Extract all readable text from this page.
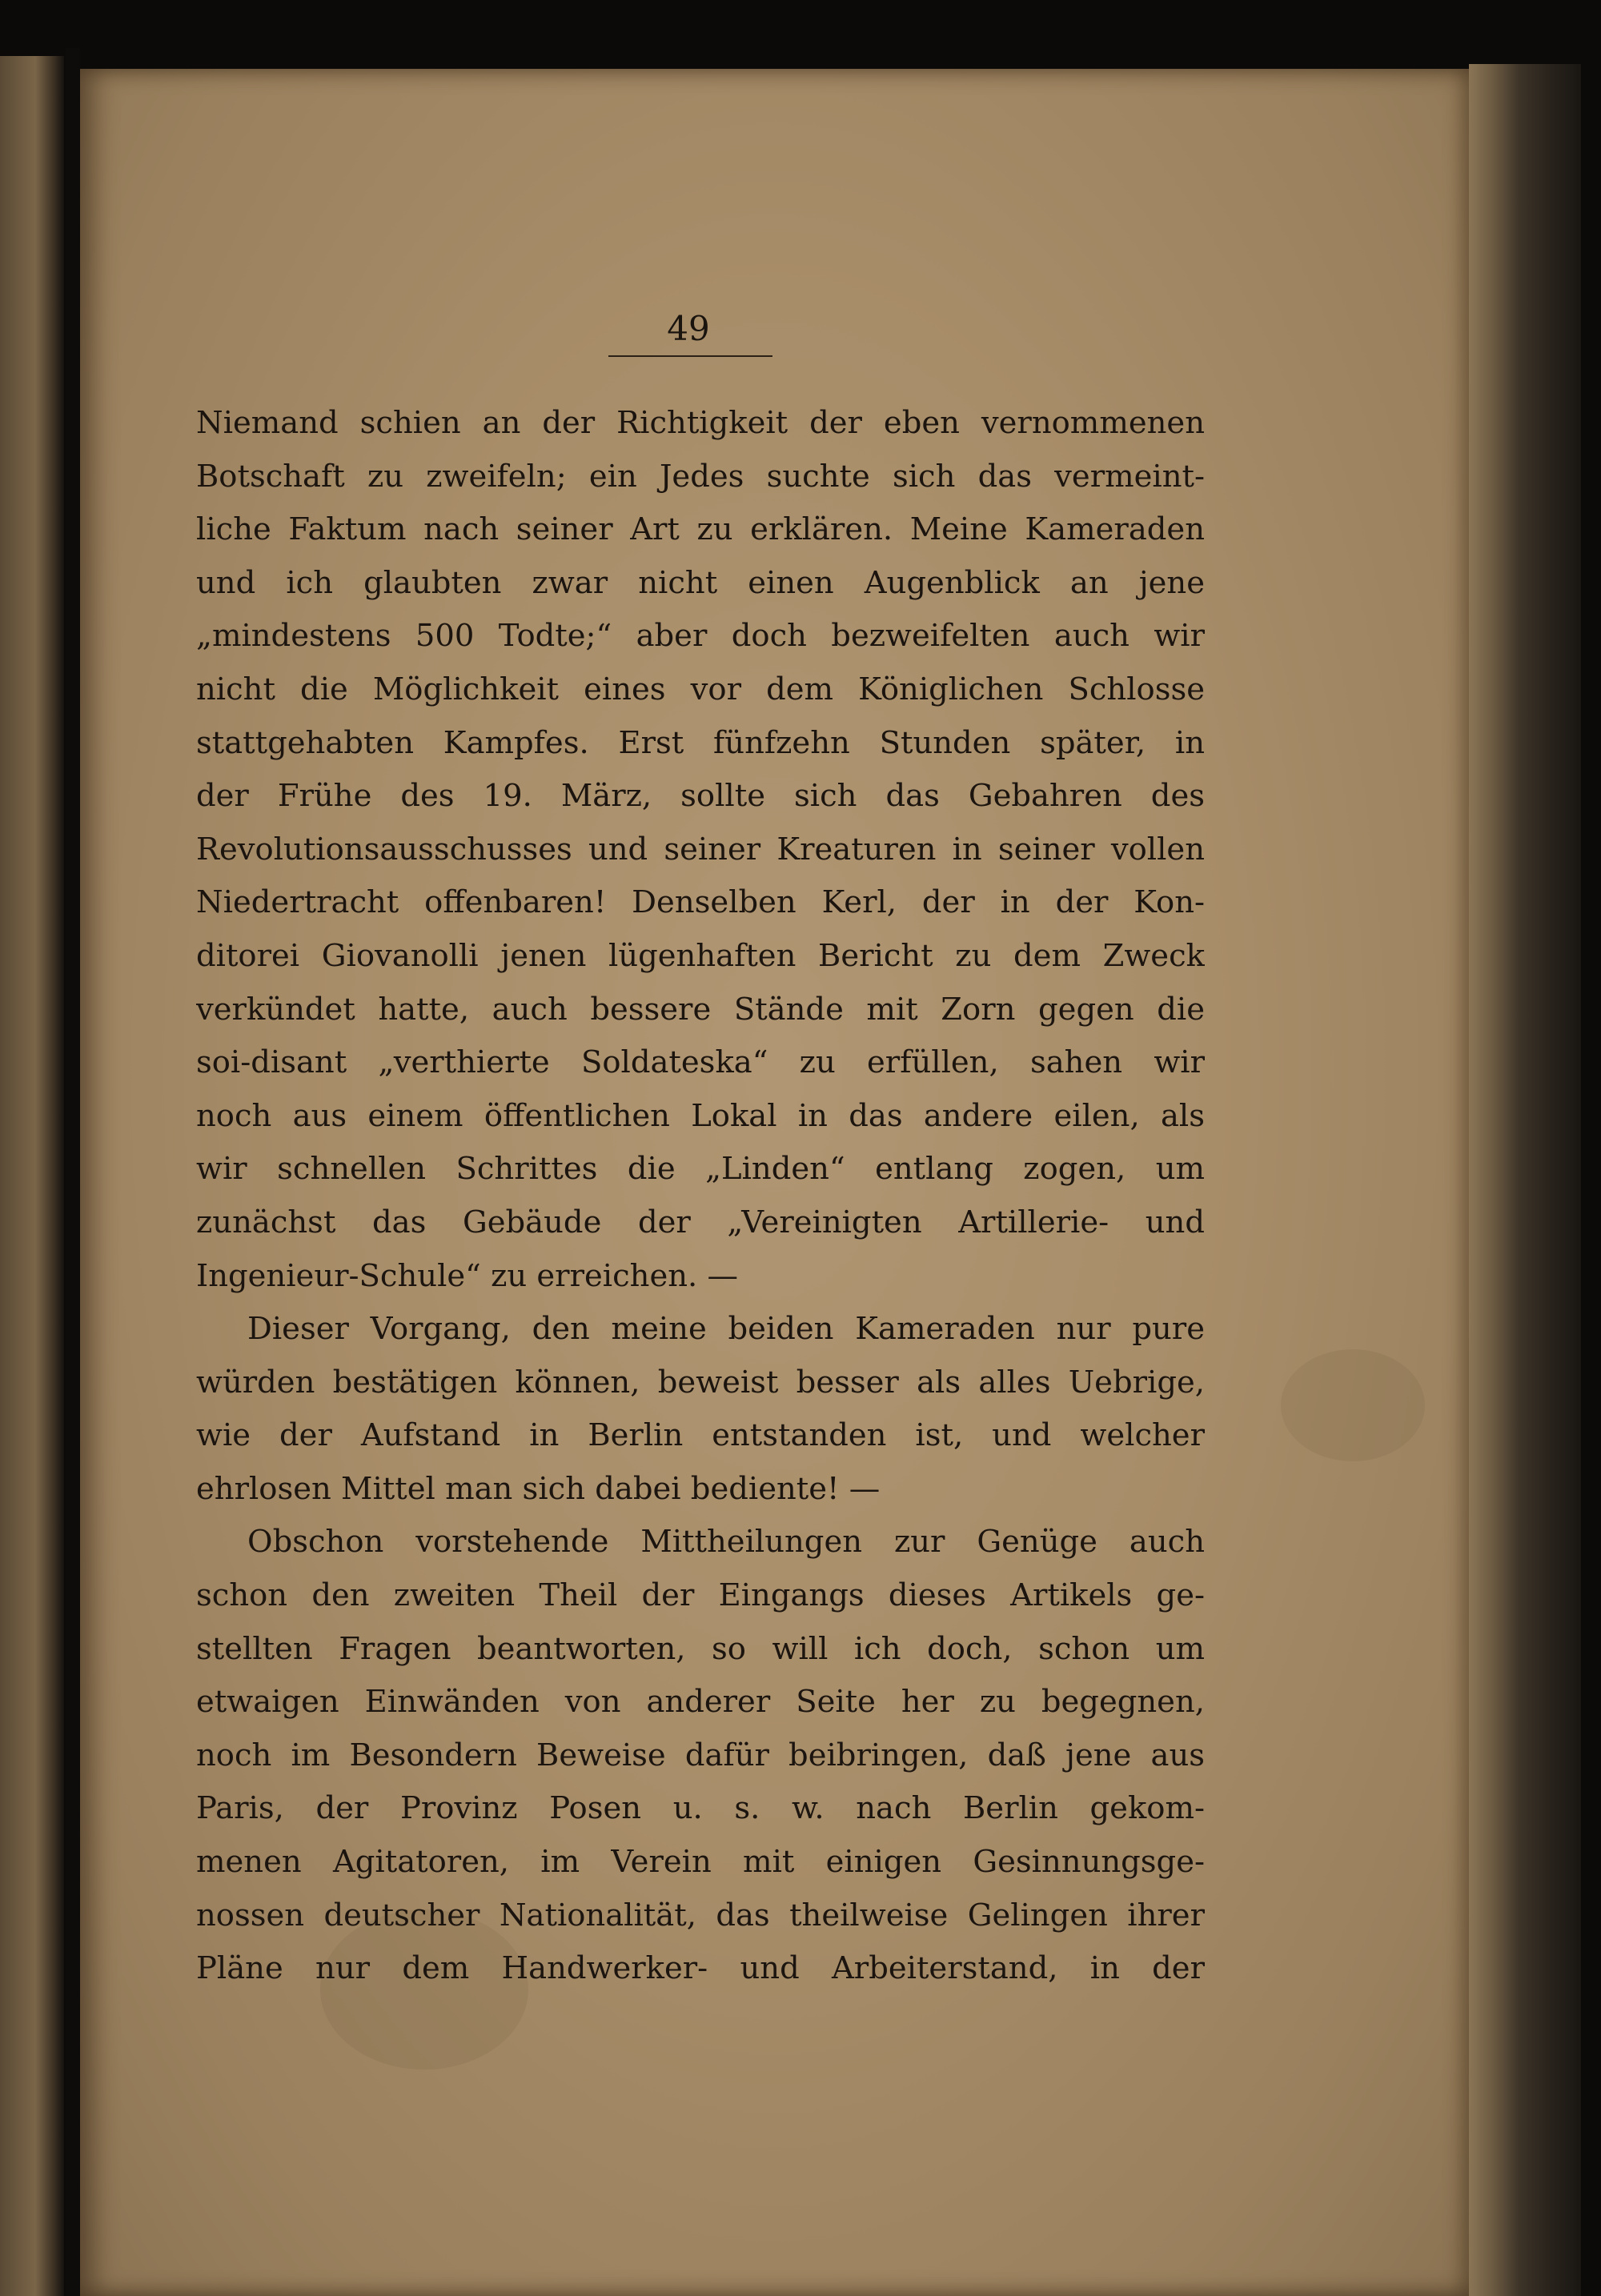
49
Niemand schien an der Richtigkeit der eben vernommenen
Botschaft zu zweifeln; ein Jedes suchte sich das vermeint-
liche Faktum nach seiner Art zu erklären. Meine Kameraden
und ich glaubten zwar nicht einen Augenblick an jene
„mindestens 500 Todte;“ aber doch bezweifelten auch wir
nicht die Möglichkeit eines vor dem Königlichen Schlosse
stattgehabten Kampfes. Erst fünfzehn Stunden später, in
der Frühe des 19. März, sollte sich das Gebahren des
Revolutionsausschusses und seiner Kreaturen in seiner vollen
Niedertracht offenbaren! Denselben Kerl, der in der Kon-
ditorei Giovanolli jenen lügenhaften Bericht zu dem Zweck
verkündet hatte, auch bessere Stände mit Zorn gegen die
soi-disant „verthierte Soldateska“ zu erfüllen, sahen wir
noch aus einem öffentlichen Lokal in das andere eilen, als
wir schnellen Schrittes die „Linden“ entlang zogen, um
zunächst das Gebäude der „Vereinigten Artillerie- und
Ingenieur-Schule“ zu erreichen. —
Dieser Vorgang, den meine beiden Kameraden nur pure
würden bestätigen können, beweist besser als alles Uebrige,
wie der Aufstand in Berlin entstanden ist, und welcher
ehrlosen Mittel man sich dabei bediente! —
Obschon vorstehende Mittheilungen zur Genüge auch
schon den zweiten Theil der Eingangs dieses Artikels ge-
stellten Fragen beantworten, so will ich doch, schon um
etwaigen Einwänden von anderer Seite her zu begegnen,
noch im Besondern Beweise dafür beibringen, daß jene aus
Paris, der Provinz Posen u. s. w. nach Berlin gekom-
menen Agitatoren, im Verein mit einigen Gesinnungsge-
nossen deutscher Nationalität, das theilweise Gelingen ihrer
Pläne nur dem Handwerker- und Arbeiterstand, in der
